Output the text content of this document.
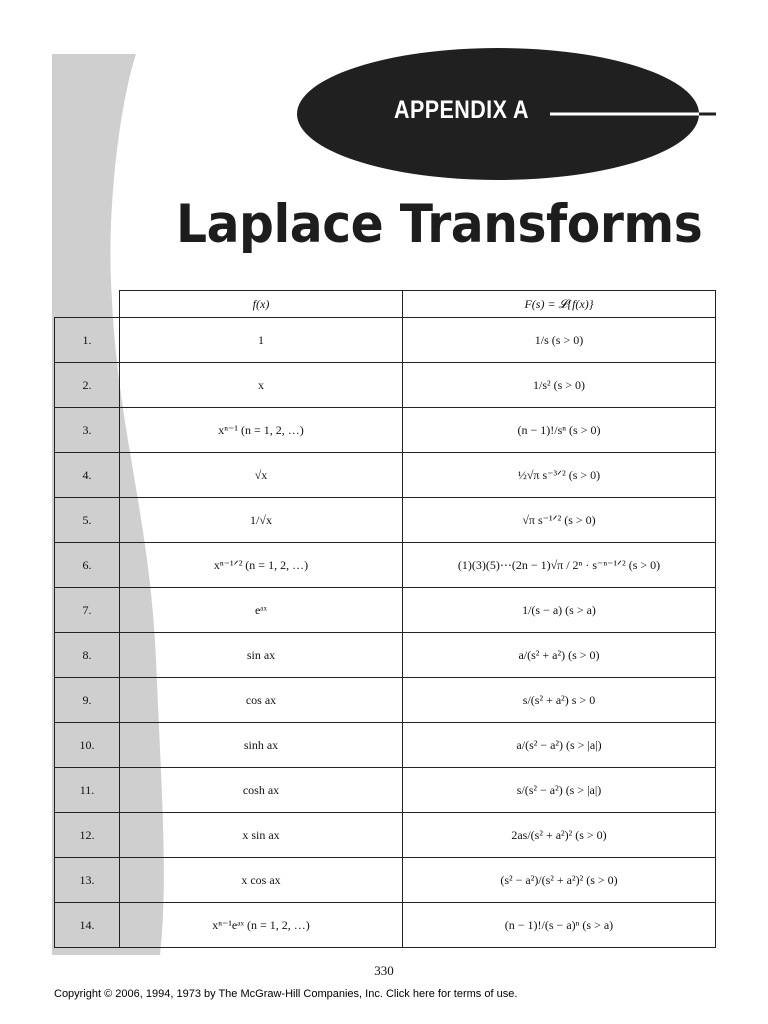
APPENDIX A
Laplace Transforms
	f(x)	F(s) = 𝓛{f(x)}
1.	1	1/s (s > 0)
2.	x	1/s² (s > 0)
3.	xⁿ⁻¹ (n = 1, 2, …)	(n − 1)!/sⁿ (s > 0)
4.	√x	½√π s⁻³ᐟ² (s > 0)
5.	1/√x	√π s⁻¹ᐟ² (s > 0)
6.	xⁿ⁻¹ᐟ² (n = 1, 2, …)	(1)(3)(5)⋯(2n − 1)√π / 2ⁿ · s⁻ⁿ⁻¹ᐟ² (s > 0)
7.	eᵃˣ	1/(s − a) (s > a)
8.	sin ax	a/(s² + a²) (s > 0)
9.	cos ax	s/(s² + a²) s > 0
10.	sinh ax	a/(s² − a²) (s > |a|)
11.	cosh ax	s/(s² − a²) (s > |a|)
12.	x sin ax	2as/(s² + a²)² (s > 0)
13.	x cos ax	(s² − a²)/(s² + a²)² (s > 0)
14.	xⁿ⁻¹eᵃˣ (n = 1, 2, …)	(n − 1)!/(s − a)ⁿ (s > a)
330
Copyright © 2006, 1994, 1973 by The McGraw-Hill Companies, Inc. Click here for terms of use.
